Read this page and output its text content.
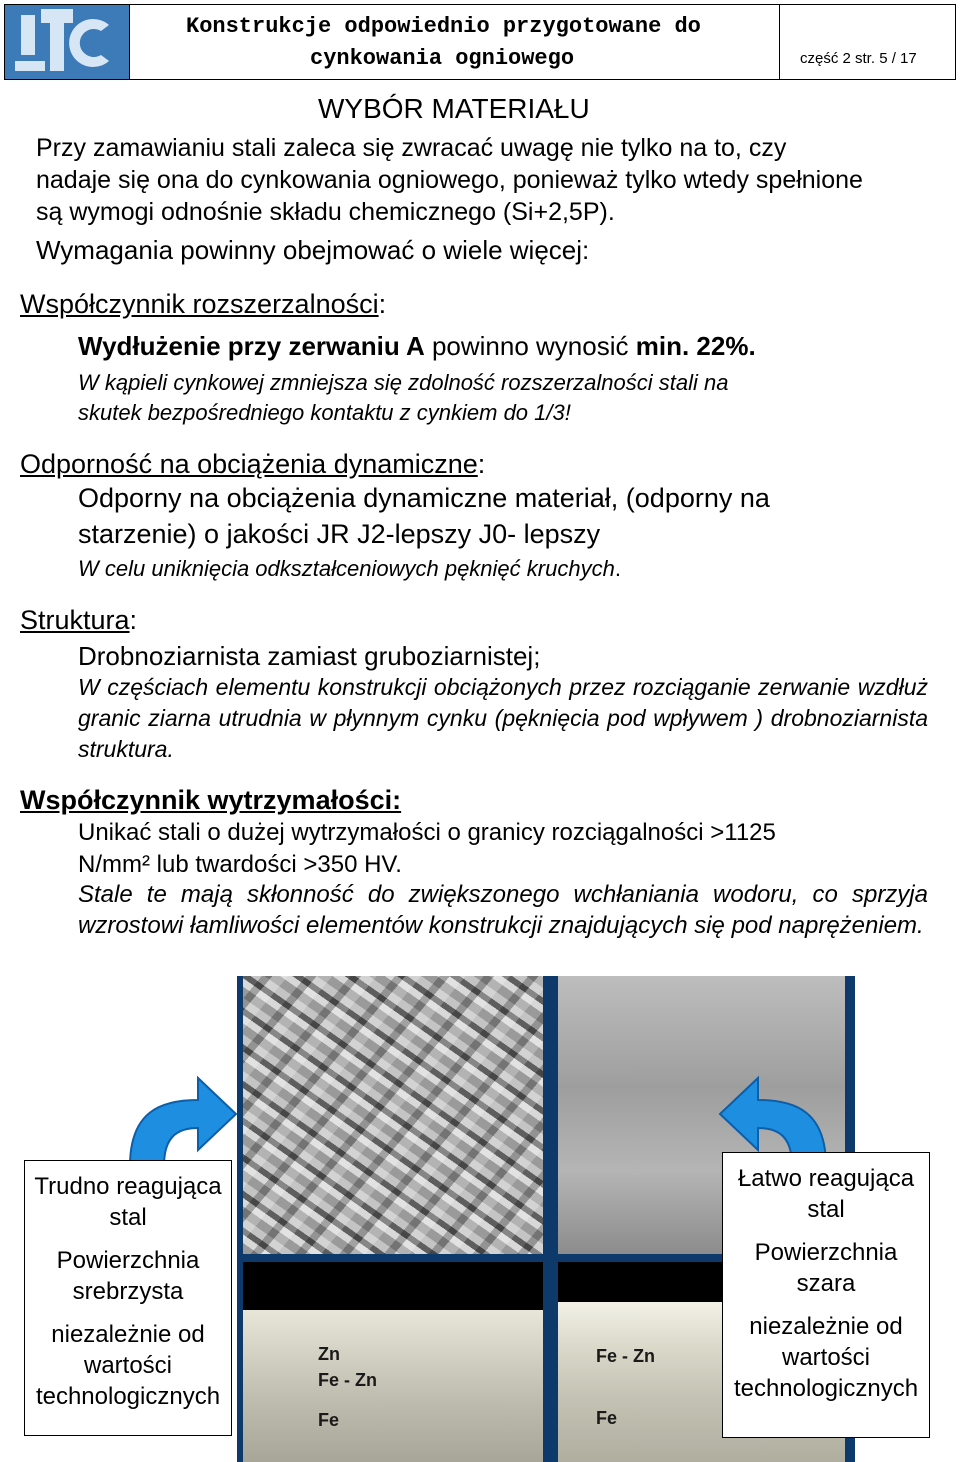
Konstrukcje odpowiednio przygotowane do
cynkowania ogniowego	część 2 str. 5 / 17
WYBÓR MATERIAŁU
Przy zamawianiu stali zaleca się zwracać uwagę nie tylko na to, czy
nadaje się ona do cynkowania ogniowego, ponieważ tylko wtedy spełnione
są wymogi odnośnie składu chemicznego (Si+2,5P).
Wymagania powinny obejmować o wiele więcej:
Współczynnik rozszerzalności:
Wydłużenie przy zerwaniu A powinno wynosić min. 22%.
W kąpieli cynkowej zmniejsza się zdolność rozszerzalności stali na
skutek bezpośredniego kontaktu z cynkiem do 1/3!
Odporność na obciążenia dynamiczne:
Odporny na obciążenia dynamiczne materiał, (odporny na
starzenie) o jakości JR J2-lepszy J0- lepszy
W celu uniknięcia odkształceniowych pęknięć kruchych.
Struktura:
Drobnoziarnista zamiast gruboziarnistej;
W częściach elementu konstrukcji obciążonych przez rozciąganie zerwanie wzdłuż granic ziarna utrudnia w płynnym cynku (pęknięcia pod wpływem ) drobnoziarnista struktura.
Współczynnik wytrzymałości:
Unikać stali o dużej wytrzymałości o granicy rozciągalności >1125
N/mm² lub twardości >350 HV.
Stale te mają skłonność do zwiększonego wchłaniania wodoru, co sprzyja wzrostowi łamliwości elementów konstrukcji znajdujących się pod naprężeniem.
Zn
Fe - Zn
Fe
Fe - Zn
Fe

Trudno reagująca stal

Powierzchnia srebrzysta

niezależnie od wartości technologicznych

Łatwo reagująca stal

Powierzchnia szara

niezależnie od wartości technologicznych
